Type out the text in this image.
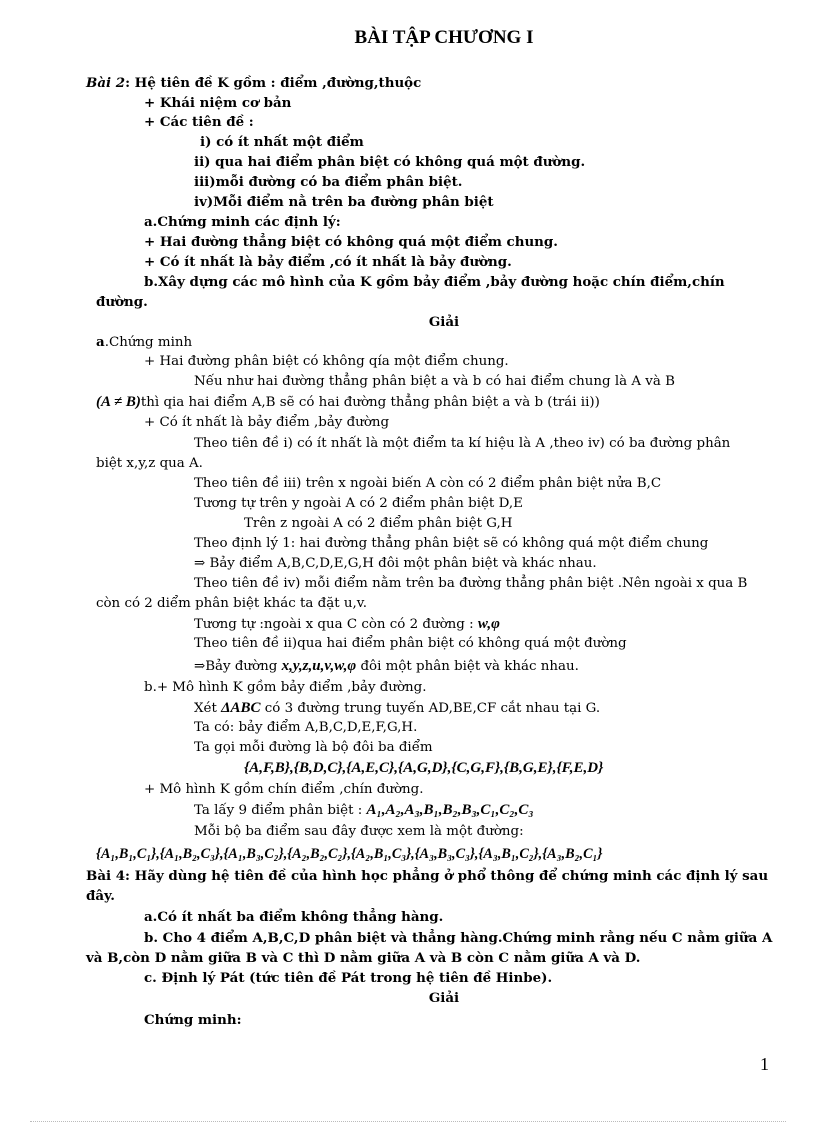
BÀI TẬP CHƯƠNG I
Bài 2: Hệ tiên đề K gồm : điểm ,đường,thuộc
+ Khái niệm cơ bản
+ Các tiên đề :
i) có ít nhất một điểm
ii) qua hai điểm phân biệt có không quá một đường.
iii)mỗi đường có ba điểm phân biệt.
iv)Mỗi điểm nằ trên ba đường phân biệt
a.Chứng minh các định lý:
+ Hai đường thẳng biệt có không quá một điểm chung.
+ Có ít nhất là bảy điểm ,có ít nhất là bảy đường.
b.Xây dựng các mô hình của K gồm bảy điểm ,bảy đường hoặc chín điểm,chín
đường.
Giải
a.Chứng minh
+ Hai đường phân biệt có không qía một điểm chung.
Nếu như hai đường thẳng phân biệt a và b có hai điểm chung là A và B
(A ≠ B)thì qia hai điểm A,B sẽ có hai đường thẳng phân biệt a và b (trái ii))
+ Có ít nhất là bảy điểm ,bảy đường
Theo tiên đề i) có ít nhất là một điểm ta kí hiệu là A ,theo iv) có ba đường phân
biệt x,y,z qua A.
Theo tiên đề iii) trên x ngoài biến A còn có 2 điểm phân biệt nửa B,C
Tương tự trên y ngoài A có 2 điểm phân biệt D,E
Trên z ngoài A có 2 điểm phân biệt G,H
Theo định lý 1: hai đường thẳng phân biệt sẽ có không quá một điểm chung
⇒ Bảy điểm A,B,C,D,E,G,H đôi một phân biệt và khác nhau.
Theo tiên đề iv) mỗi điểm nằm trên ba đường thẳng phân biệt .Nên ngoài x qua B
còn có 2 diểm phân biệt khác ta đặt u,v.
Tương tự :ngoài x qua C còn có 2 đường : w,φ
Theo tiên đề ii)qua hai điểm phân biệt có không quá một đường
⇒Bảy đường x,y,z,u,v,w,φ đôi một phân biệt và khác nhau.
b.+ Mô hình K gồm bảy điểm ,bảy đường.
Xét ΔABC có 3 đường trung tuyến AD,BE,CF cắt nhau tại G.
Ta có: bảy điểm A,B,C,D,E,F,G,H.
Ta gọi mỗi đường là bộ đôi ba điểm
{A,F,B},{B,D,C},{A,E,C},{A,G,D},{C,G,F},{B,G,E},{F,E,D}
+ Mô hình K gồm chín điểm ,chín đường.
Ta lấy 9 điểm phân biệt : A₁,A₂,A₃,B₁,B₂,B₃,C₁,C₂,C₃
Mỗi bộ ba điểm sau đây được xem là một đường:
{A₁,B₁,C₁},{A₁,B₂,C₃},{A₁,B₃,C₂},{A₂,B₂,C₂},{A₂,B₁,C₃},{A₃,B₃,C₃},{A₃,B₁,C₂},{A₃,B₂,C₁}
Bài 4: Hãy dùng hệ tiên đề của hình học phẳng ở phổ thông để chứng minh các định lý sau
đây.
a.Có ít nhất ba điểm không thẳng hàng.
b. Cho 4 điểm A,B,C,D phân biệt và thẳng hàng.Chứng minh rằng nếu C nằm giữa A
và B,còn D nằm giữa B và C thì D nằm giữa A và B còn C nằm giữa A và D.
c. Định lý Pát (tức tiên đề Pát trong hệ tiên đề Hinbe).
Giải
Chứng minh:
1
